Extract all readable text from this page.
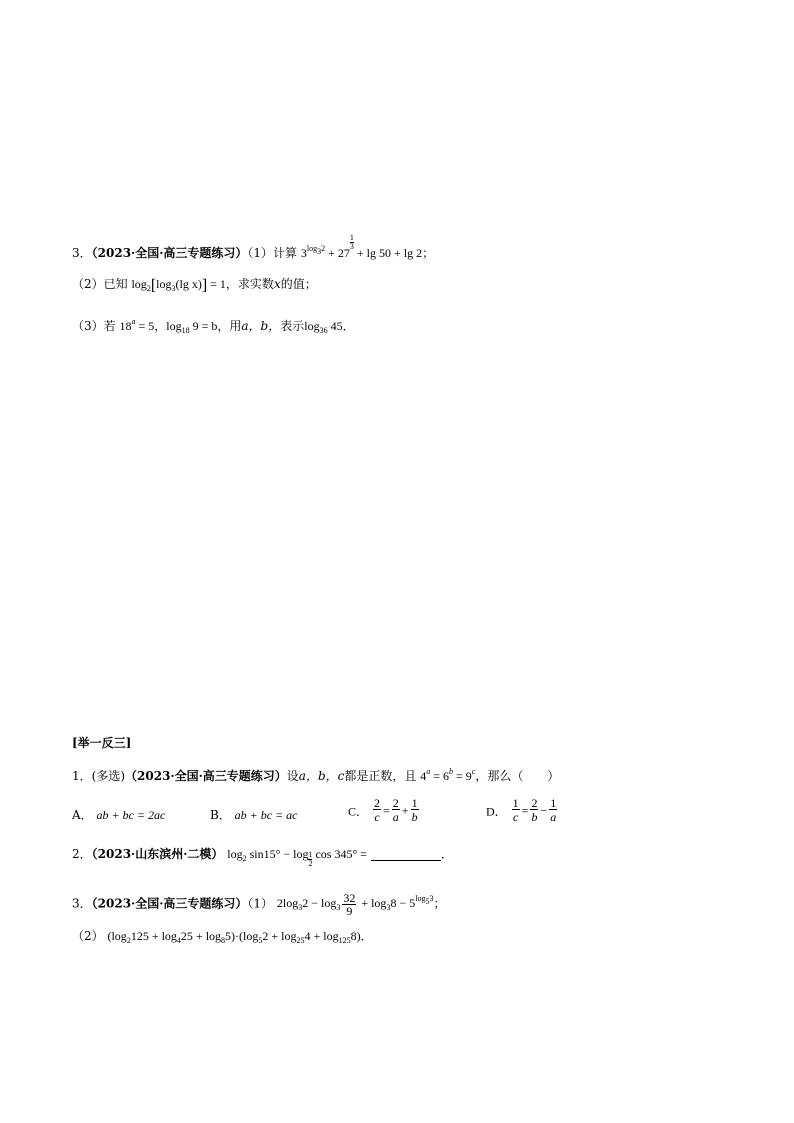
3．（2023·全国·高三专题练习）（1）计算 $3^{log_32} + 27$
$\frac{1}{3}$
+ lg 50 + lg 2；
（2）已知 $\log_2[\log_3(\lg$ x)] = 1，求实数x的值；
（3）若 $18^a = 5$，$\log_{18} 9 = b$，用a，b，表示$\log_{36} 45$．
[举一反三]
1．(多选)（2023·全国·高三专题练习）设a，b，c都是正数，且 $4^a = 6^b = 9^c$，那么（　　）
A． ab + bc = 2ac	B． ab + bc = ac	C． $\frac{2}{c} = \frac{2}{a} + \frac{1}{b}$	D． $\frac{1}{c} = \frac{2}{b} - \frac{1}{a}$
2．（2023·山东滨州·二模） $\log_2 \sin 15^\circ - \log \frac{1}{2}$ cos 345° =	．
3．（2023·全国·高三专题练习）（1） $2\log_32 - \log_3 \frac{32}{9} + \log_38 - 5^{log_53}$；
（2） $(\log_2125 + \log_425 + \log_85)\cdot(\log_52 + \log_{25}4 + \log_{125}8)$．
